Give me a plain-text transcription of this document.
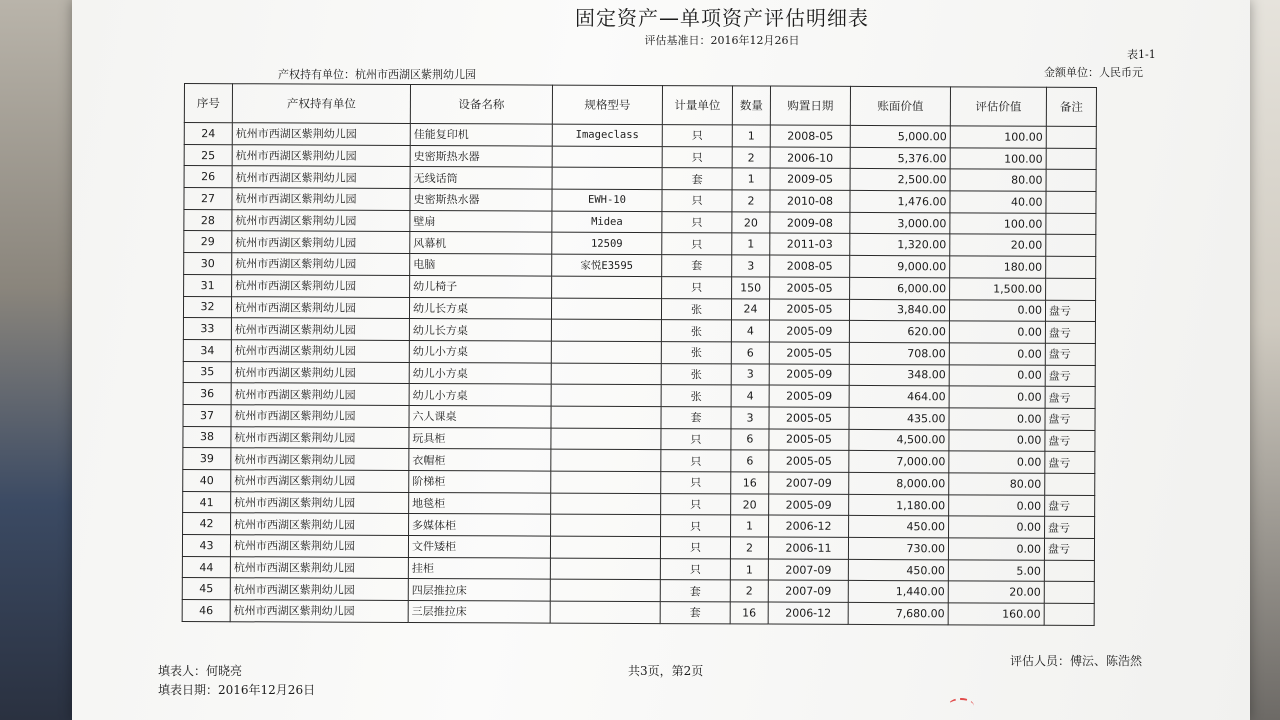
固定资产—单项资产评估明细表
评估基准日：2016年12月26日
表1-1
产权持有单位：杭州市西湖区紫荆幼儿园	金额单位：人民币元
序号	产权持有单位	设备名称	规格型号	计量单位	数量	购置日期	账面价值	评估价值	备注
24	杭州市西湖区紫荆幼儿园	佳能复印机	Imageclass	只	1	2008-05	5,000.00	100.00	
25	杭州市西湖区紫荆幼儿园	史密斯热水器		只	2	2006-10	5,376.00	100.00	
26	杭州市西湖区紫荆幼儿园	无线话筒		套	1	2009-05	2,500.00	80.00	
27	杭州市西湖区紫荆幼儿园	史密斯热水器	EWH-10	只	2	2010-08	1,476.00	40.00	
28	杭州市西湖区紫荆幼儿园	壁扇	Midea	只	20	2009-08	3,000.00	100.00	
29	杭州市西湖区紫荆幼儿园	风幕机	12509	只	1	2011-03	1,320.00	20.00	
30	杭州市西湖区紫荆幼儿园	电脑	家悦E3595	套	3	2008-05	9,000.00	180.00	
31	杭州市西湖区紫荆幼儿园	幼儿椅子		只	150	2005-05	6,000.00	1,500.00	
32	杭州市西湖区紫荆幼儿园	幼儿长方桌		张	24	2005-05	3,840.00	0.00	盘亏
33	杭州市西湖区紫荆幼儿园	幼儿长方桌		张	4	2005-09	620.00	0.00	盘亏
34	杭州市西湖区紫荆幼儿园	幼儿小方桌		张	6	2005-05	708.00	0.00	盘亏
35	杭州市西湖区紫荆幼儿园	幼儿小方桌		张	3	2005-09	348.00	0.00	盘亏
36	杭州市西湖区紫荆幼儿园	幼儿小方桌		张	4	2005-09	464.00	0.00	盘亏
37	杭州市西湖区紫荆幼儿园	六人课桌		套	3	2005-05	435.00	0.00	盘亏
38	杭州市西湖区紫荆幼儿园	玩具柜		只	6	2005-05	4,500.00	0.00	盘亏
39	杭州市西湖区紫荆幼儿园	衣帽柜		只	6	2005-05	7,000.00	0.00	盘亏
40	杭州市西湖区紫荆幼儿园	阶梯柜		只	16	2007-09	8,000.00	80.00	
41	杭州市西湖区紫荆幼儿园	地毯柜		只	20	2005-09	1,180.00	0.00	盘亏
42	杭州市西湖区紫荆幼儿园	多媒体柜		只	1	2006-12	450.00	0.00	盘亏
43	杭州市西湖区紫荆幼儿园	文件矮柜		只	2	2006-11	730.00	0.00	盘亏
44	杭州市西湖区紫荆幼儿园	挂柜		只	1	2007-09	450.00	5.00	
45	杭州市西湖区紫荆幼儿园	四层推拉床		套	2	2007-09	1,440.00	20.00	
46	杭州市西湖区紫荆幼儿园	三层推拉床		套	16	2006-12	7,680.00	160.00	
填表人：何晓亮
填表日期：2016年12月26日
共3页，第2页
评估人员：傅沄、陈浩然
